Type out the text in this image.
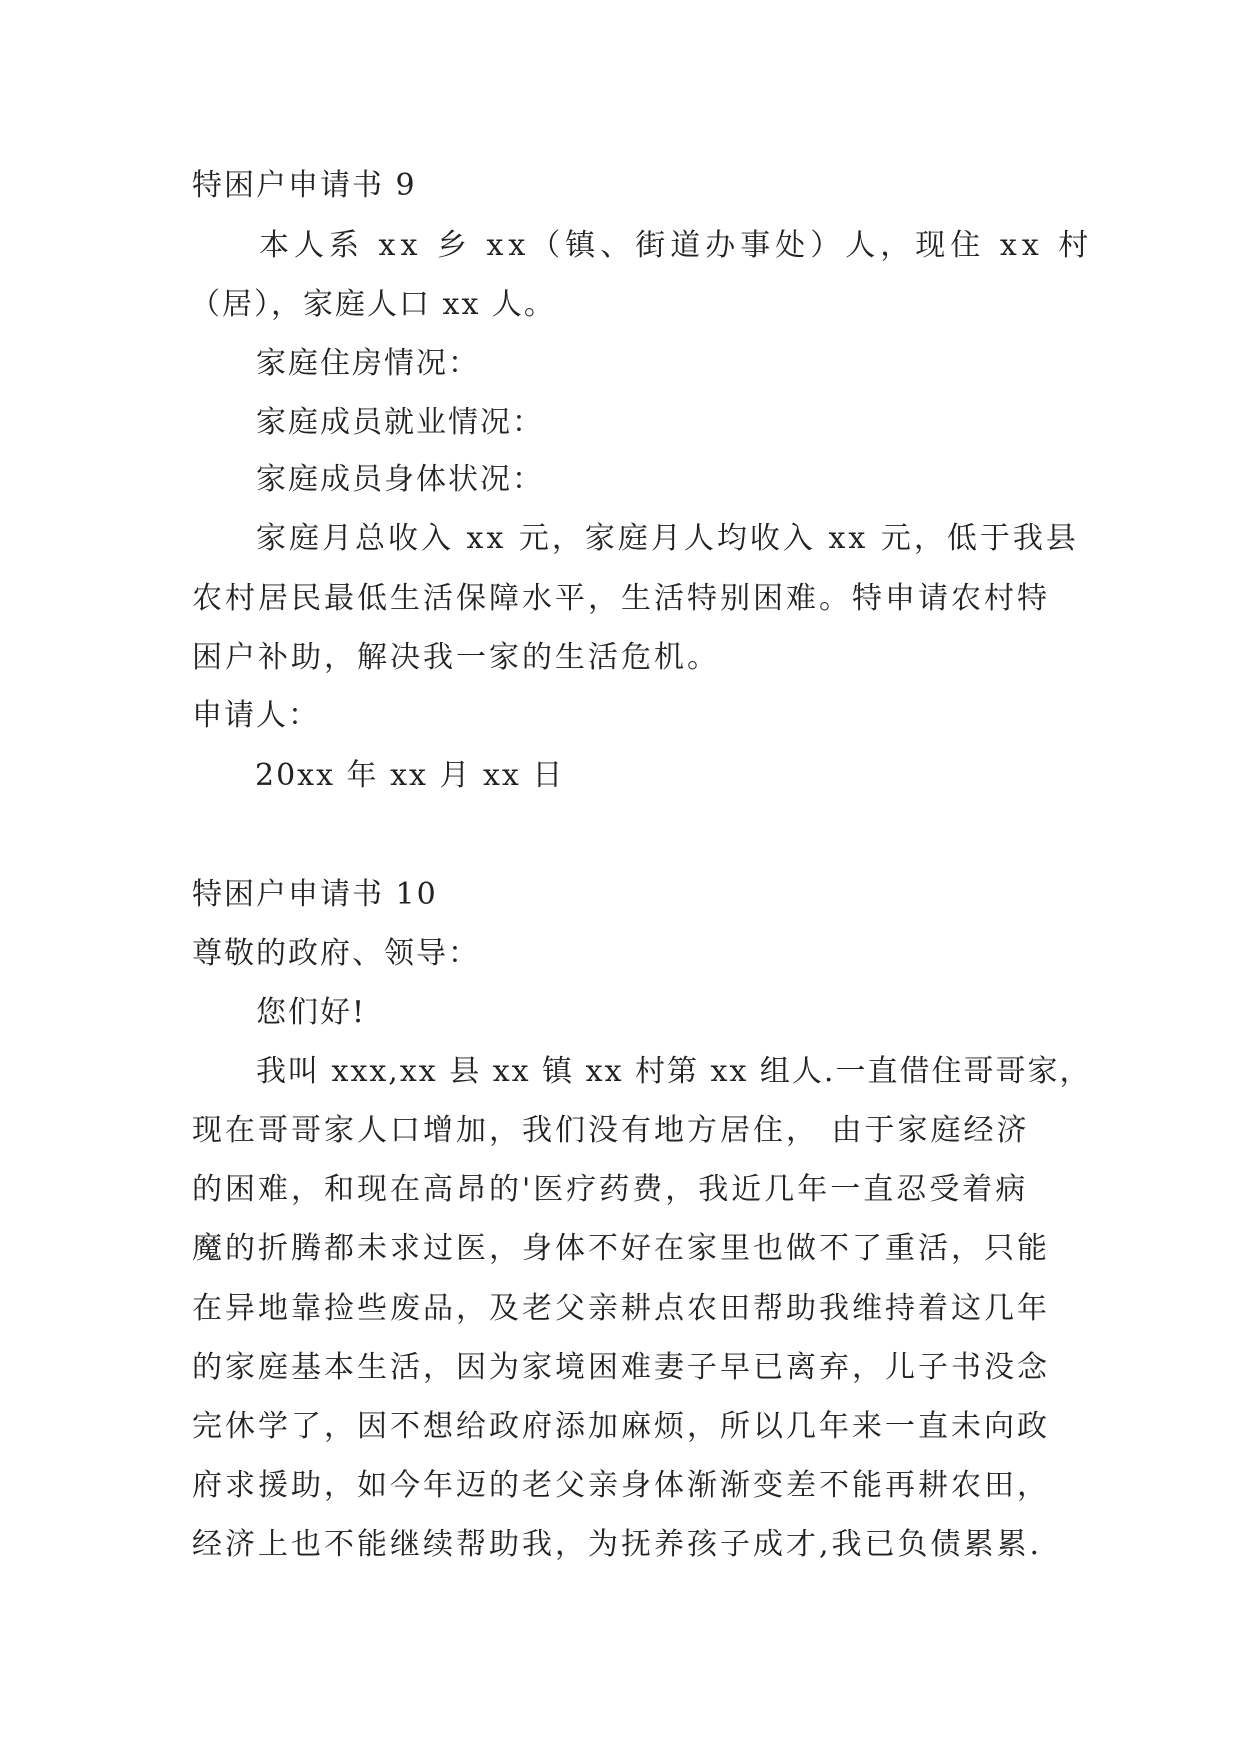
特困户申请书 9
本人系 xx 乡 xx（镇、街道办事处）人，现住 xx 村
（居），家庭人口 xx 人。
家庭住房情况：
家庭成员就业情况：
家庭成员身体状况：
家庭月总收入 xx 元，家庭月人均收入 xx 元，低于我县
农村居民最低生活保障水平，生活特别困难。特申请农村特
困户补助，解决我一家的生活危机。
申请人：
20xx 年 xx 月 xx 日
特困户申请书 10
尊敬的政府、领导：
您们好!
我叫 xxx,xx 县 xx 镇 xx 村第 xx 组人.一直借住哥哥家，
现在哥哥家人口增加，我们没有地方居住， 由于家庭经济
的困难，和现在高昂的'医疗药费，我近几年一直忍受着病
魔的折腾都未求过医，身体不好在家里也做不了重活，只能
在异地靠捡些废品，及老父亲耕点农田帮助我维持着这几年
的家庭基本生活，因为家境困难妻子早已离弃，儿子书没念
完休学了，因不想给政府添加麻烦，所以几年来一直未向政
府求援助，如今年迈的老父亲身体渐渐变差不能再耕农田，
经济上也不能继续帮助我，为抚养孩子成才,我已负债累累.
